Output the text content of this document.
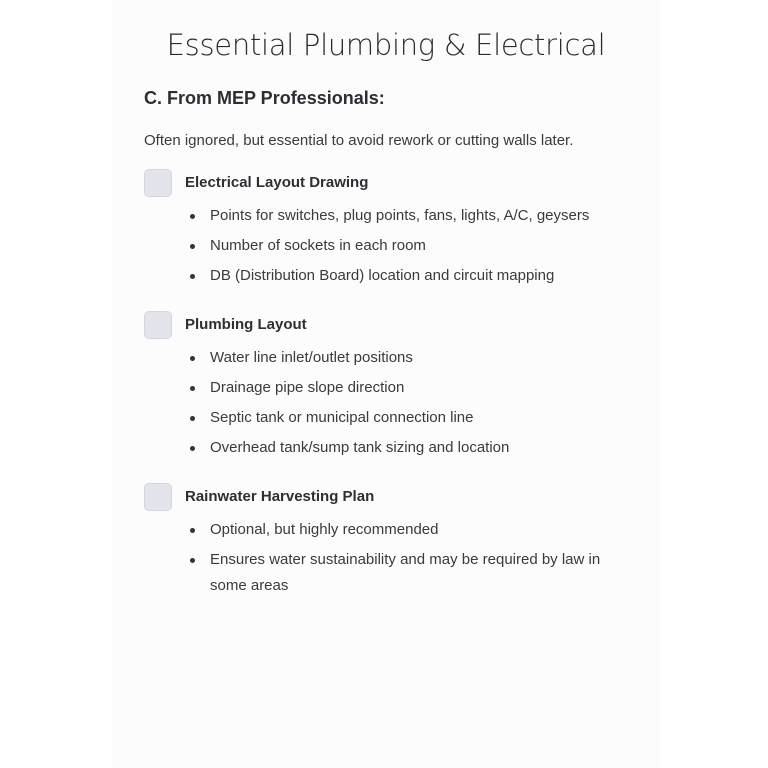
Essential Plumbing & Electrical
C. From MEP Professionals:

Often ignored, but essential to avoid rework or cutting walls later.

Electrical Layout Drawing
Points for switches, plug points, fans, lights, A/C, geysers
Number of sockets in each room
DB (Distribution Board) location and circuit mapping
Plumbing Layout
Water line inlet/outlet positions
Drainage pipe slope direction
Septic tank or municipal connection line
Overhead tank/sump tank sizing and location
Rainwater Harvesting Plan
Optional, but highly recommended
Ensures water sustainability and may be required by law in some areas
